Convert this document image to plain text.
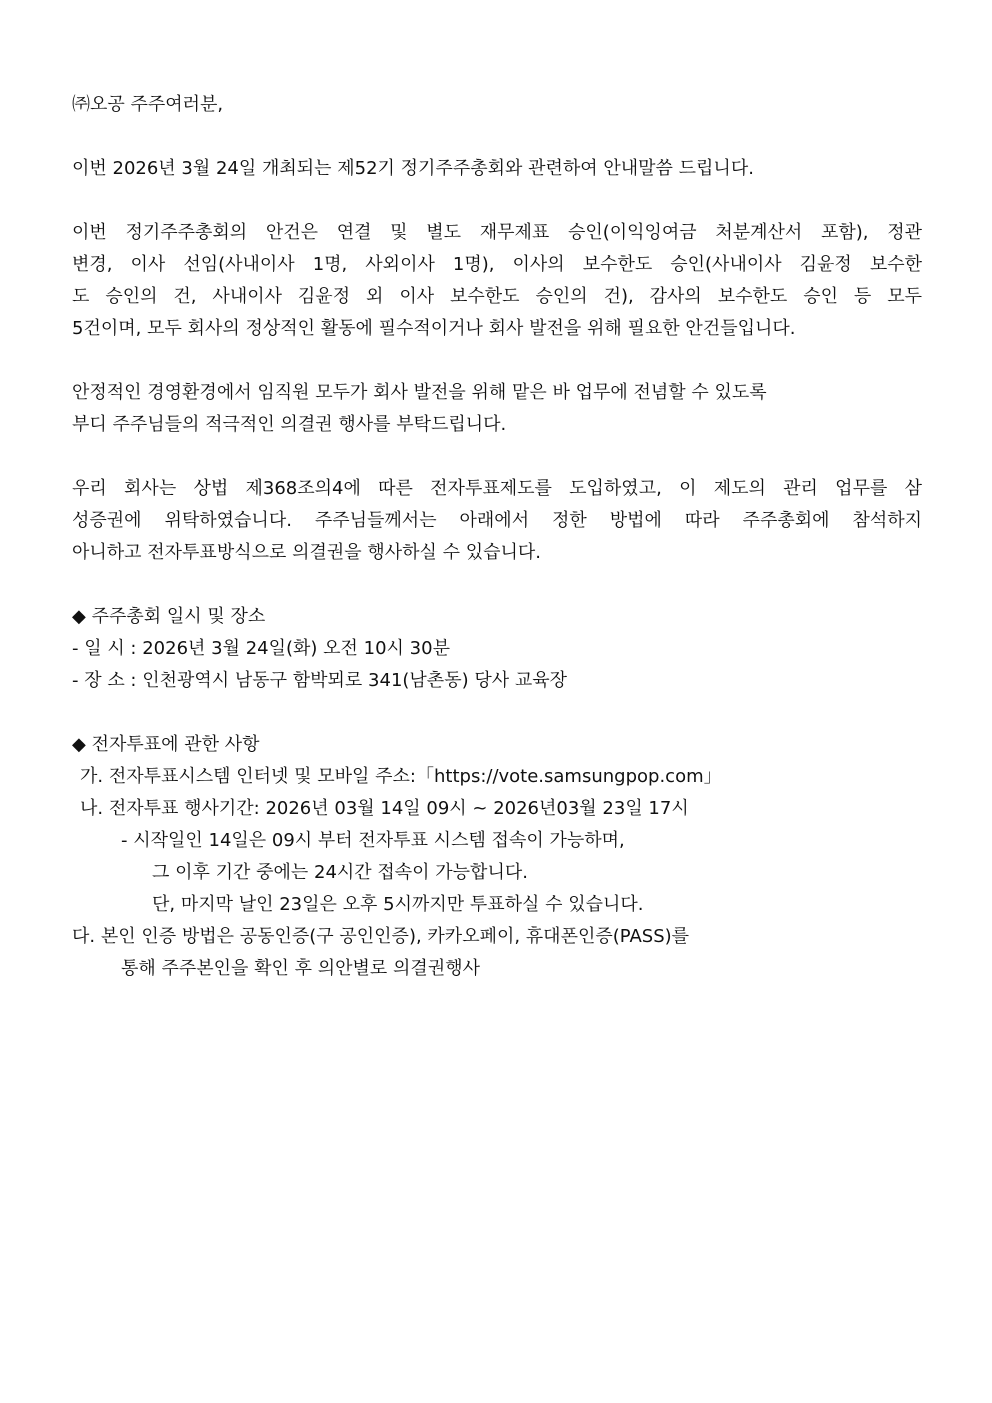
㈜오공 주주여러분,
이번 2026년 3월 24일 개최되는 제52기 정기주주총회와 관련하여 안내말씀 드립니다.
이번 정기주주총회의 안건은 연결 및 별도 재무제표 승인(이익잉여금 처분계산서 포함), 정관
변경, 이사 선임(사내이사 1명, 사외이사 1명), 이사의 보수한도 승인(사내이사 김윤정 보수한
도 승인의 건, 사내이사 김윤정 외 이사 보수한도 승인의 건), 감사의 보수한도 승인 등 모두
5건이며, 모두 회사의 정상적인 활동에 필수적이거나 회사 발전을 위해 필요한 안건들입니다.
안정적인 경영환경에서 임직원 모두가 회사 발전을 위해 맡은 바 업무에 전념할 수 있도록
부디 주주님들의 적극적인 의결권 행사를 부탁드립니다.
우리 회사는 상법 제368조의4에 따른 전자투표제도를 도입하였고, 이 제도의 관리 업무를 삼
성증권에 위탁하였습니다. 주주님들께서는 아래에서 정한 방법에 따라 주주총회에 참석하지
아니하고 전자투표방식으로 의결권을 행사하실 수 있습니다.
◆ 주주총회 일시 및 장소
- 일 시 : 2026년 3월 24일(화) 오전 10시 30분
- 장 소 : 인천광역시 남동구 함박뫼로 341(남촌동) 당사 교육장
◆ 전자투표에 관한 사항
가. 전자투표시스템 인터넷 및 모바일 주소:「https://vote.samsungpop.com」
나. 전자투표 행사기간: 2026년 03월 14일 09시 ~ 2026년03월 23일 17시
- 시작일인 14일은 09시 부터 전자투표 시스템 접속이 가능하며,
그 이후 기간 중에는 24시간 접속이 가능합니다.
단, 마지막 날인 23일은 오후 5시까지만 투표하실 수 있습니다.
다. 본인 인증 방법은 공동인증(구 공인인증), 카카오페이, 휴대폰인증(PASS)를
통해 주주본인을 확인 후 의안별로 의결권행사
